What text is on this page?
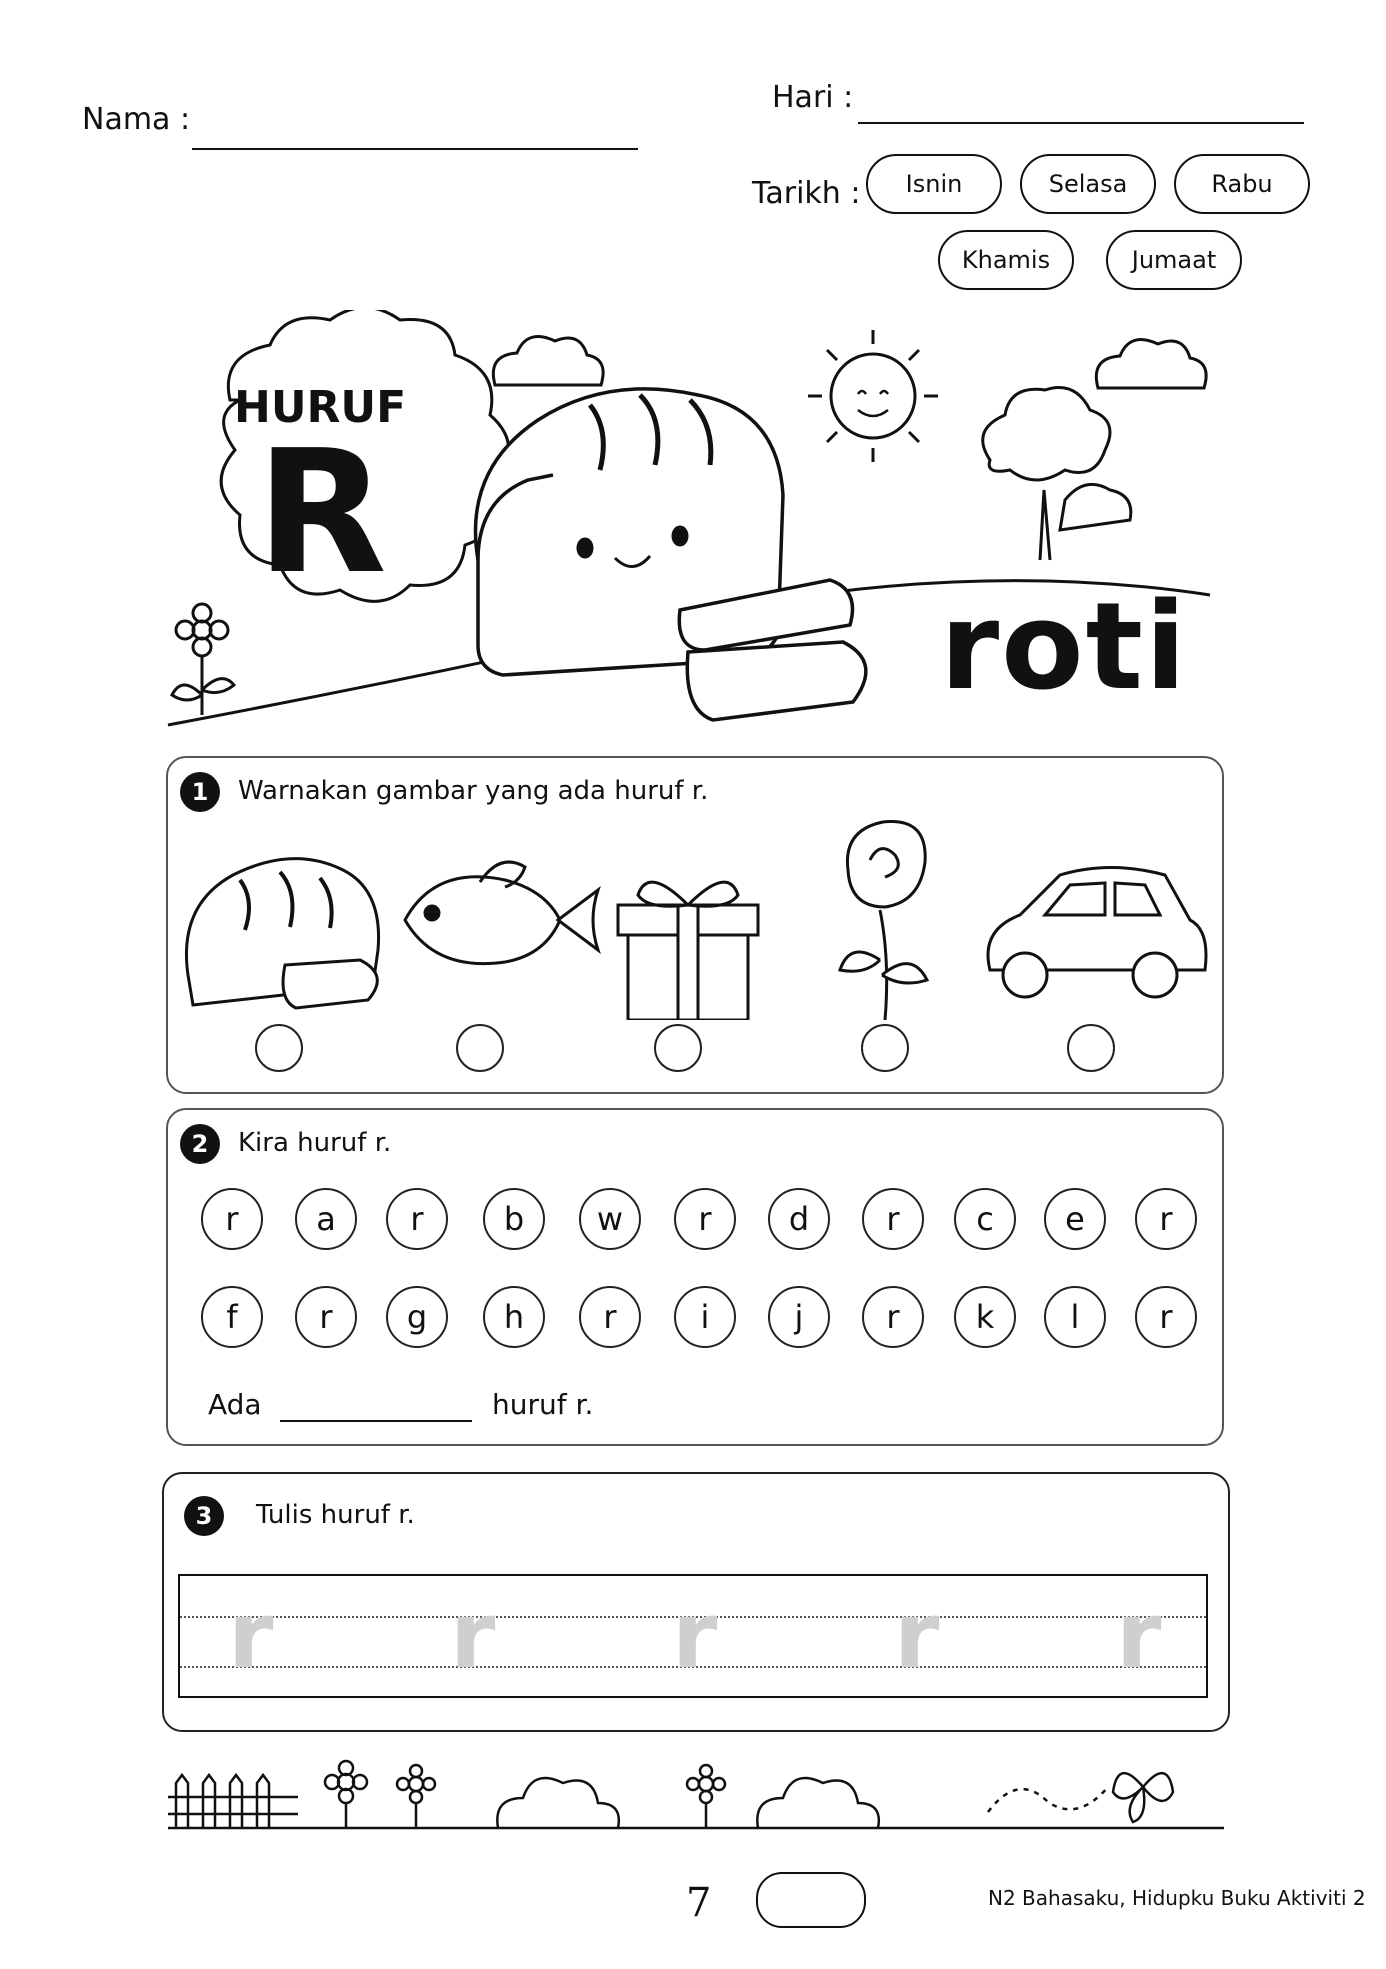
Nama :
Hari :
Tarikh :	Isnin	Selasa	Rabu
Khamis	Jumaat
HURUF
R
roti
1	Warnakan gambar yang ada huruf r.
2	Kira huruf r.
r	a	r	b	w	r	d	r	c	e	r
f	r	g	h	r	i	j	r	k	l	r
Ada	huruf r.
3	Tulis huruf r.
r r r r r
7	N2 Bahasaku, Hidupku Buku Aktiviti 2
